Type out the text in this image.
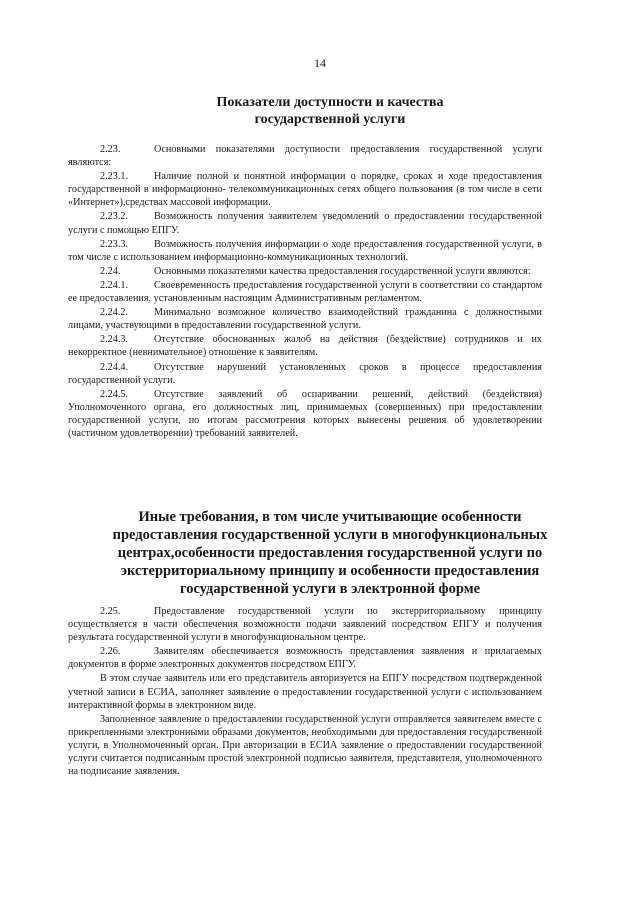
14
Показатели доступности и качества
государственной услуги

2.23.	Основными показателями доступности предоставления государственной услуги являются:

2.23.1.	Наличие полной и понятной информации о порядке, сроках и ходе предоставления государственной в информационно- телекоммуникационных сетях общего пользования (в том числе в сети «Интернет»),средствах массовой информации.

2.23.2.	Возможность получения заявителем уведомлений о предоставлении государственной услуги с помощью ЕПГУ.

2.23.3.	Возможность получения информации о ходе предоставления государственной услуги, в том числе с использованием информационно-коммуникационных технологий.

2.24.	Основными показателями качества предоставления государственной услуги являются:

2.24.1.	Своевременность предоставления государственной услуги в соответствии со стандартом ее предоставления, установленным настоящим Административным регламентом.

2.24.2.	Минимально возможное количество взаимодействий гражданина с должностными лицами, участвующими в предоставлении государственной услуги.

2.24.3.	Отсутствие обоснованных жалоб на действия (бездействие) сотрудников и их некорректное (невнимательное) отношение к заявителям.

2.24.4.	Отсутствие нарушений установленных сроков в процессе предоставления государственной услуги.

2.24.5.	Отсутствие заявлений об оспаривании решений, действий (бездействия) Уполномоченного органа, его должностных лиц, принимаемых (совершенных) при предоставлении государственной услуги, по итогам рассмотрения которых вынесены решения об удовлетворении (частичном удовлетворении) требований заявителей.

Иные требования, в том числе учитывающие особенности
предоставления государственной услуги в многофункциональных
центрах,особенности предоставления государственной услуги по
экстерриториальному принципу и особенности предоставления
государственной услуги в электронной форме

2.25.	Предоставление государственной услуги по экстерриториальному принципу осуществляется в части обеспечения возможности подачи заявлений посредством ЕПГУ и получения результата государственной услуги в многофункциональном центре.

2.26.	Заявителям обеспечивается возможность представления заявления и прилагаемых документов в форме электронных документов посредством ЕПГУ.

В этом случае заявитель или его представитель авторизуется на ЕПГУ посредством подтвержденной учетной записи в ЕСИА, заполняет заявление о предоставлении государственной услуги с использованием интерактивной формы в электронном виде.

Заполненное заявление о предоставлении государственной услуги отправляется заявителем вместе с прикрепленными электронными образами документов, необходимыми для предоставления государственной услуги, в Уполномоченный орган. При авторизации в ЕСИА заявление о предоставлении государственной услуги считается подписанным простой электронной подписью заявителя, представителя, уполномоченного на подписание заявления.
